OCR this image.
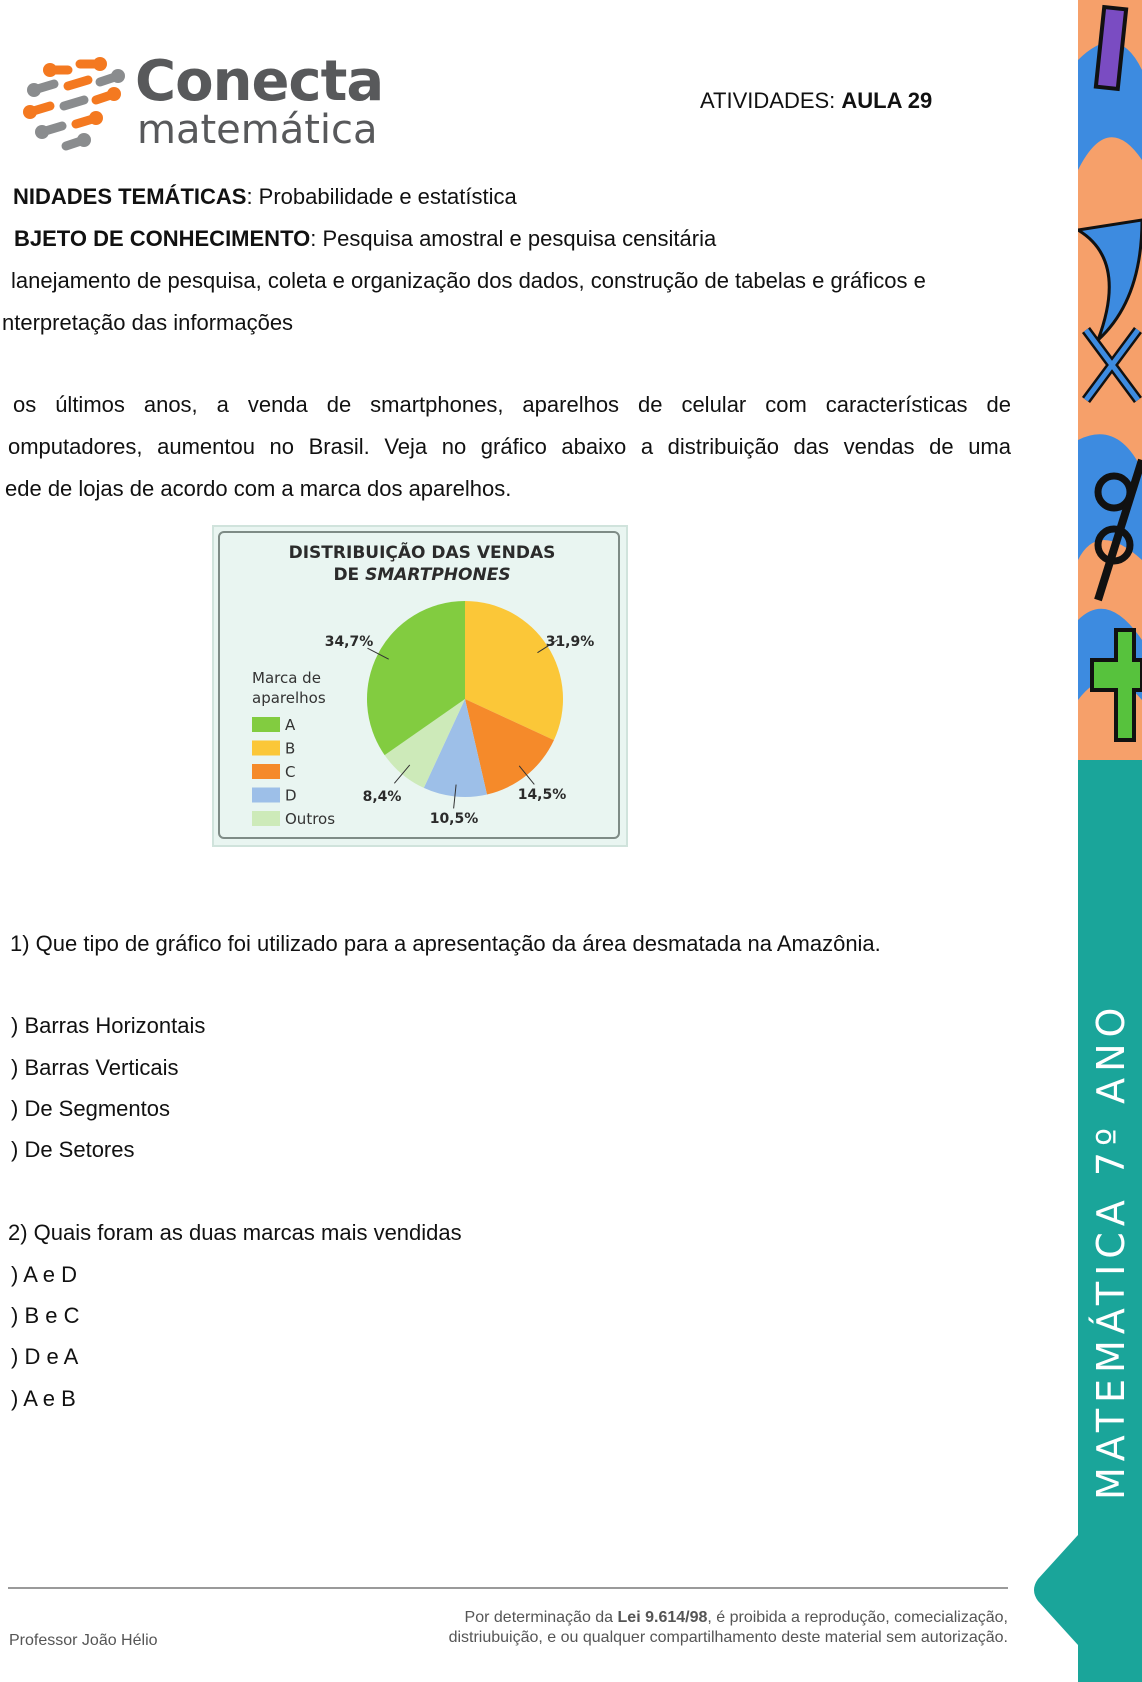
Conecta
matemática
ATIVIDADES: AULA 29
NIDADES TEMÁTICAS: Probabilidade e estatística
BJETO DE CONHECIMENTO: Pesquisa amostral e pesquisa censitária
lanejamento de pesquisa, coleta e organização dos dados, construção de tabelas e gráficos e
nterpretação das informações
os últimos anos, a venda de smartphones, aparelhos de celular com características de
omputadores, aumentou no Brasil. Veja no gráfico abaixo a distribuição das vendas de uma
ede de lojas de acordo com a marca dos aparelhos.
DISTRIBUIÇÃO DAS VENDAS
DE SMARTPHONES
Marca de
aparelhos
31,9%
14,5%
10,5%
8,4%
34,7%
A
B
C
D
Outros
1) Que tipo de gráfico foi utilizado para a apresentação da área desmatada na Amazônia.
) Barras Horizontais
) Barras Verticais
) De Segmentos
) De Setores
2) Quais foram as duas marcas mais vendidas
) A e D
) B e C
) D e A
) A e B	MATEMÁTICA 7º ANO
Professor João Hélio
Por determinação da Lei 9.614/98, é proibida a reprodução, comecialização,
distriubuição, e ou qualquer compartilhamento deste material sem autorização.
